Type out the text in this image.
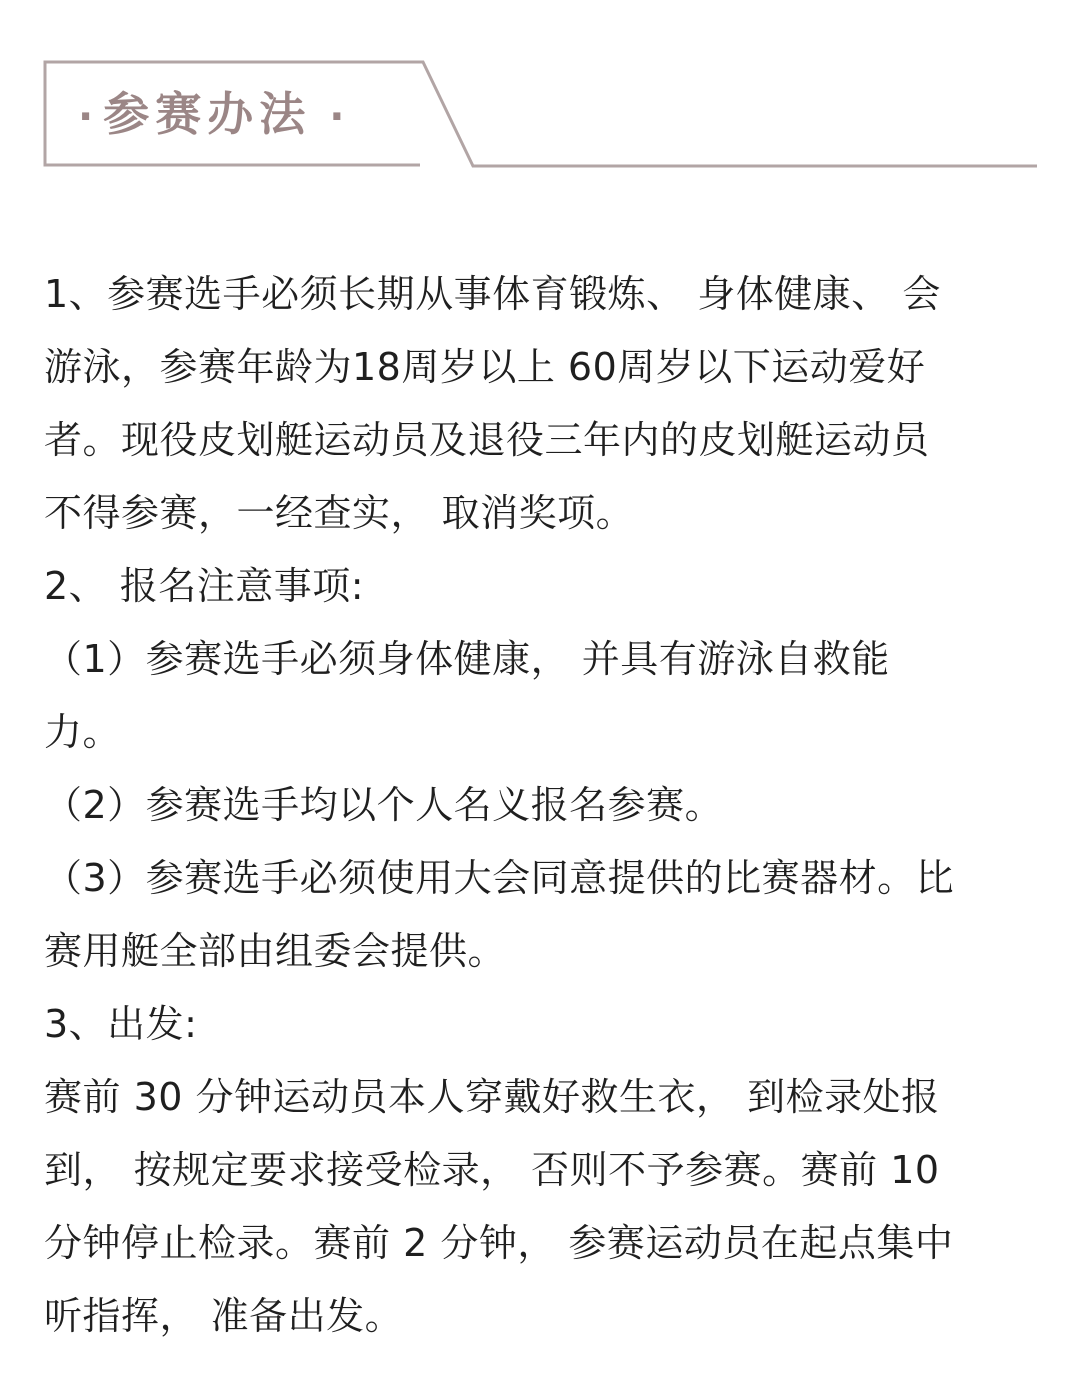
· 参赛办法 ·
1、参赛选手必须长期从事体育锻炼、 身体健康、 会
游泳，参赛年龄为18周岁以上 60周岁以下运动爱好
者。现役皮划艇运动员及退役三年内的皮划艇运动员
不得参赛，一经查实， 取消奖项。
2、 报名注意事项:
（1）参赛选手必须身体健康， 并具有游泳自救能
力。
（2）参赛选手均以个人名义报名参赛。
（3）参赛选手必须使用大会同意提供的比赛器材。比
赛用艇全部由组委会提供。
3、出发:
赛前 30 分钟运动员本人穿戴好救生衣， 到检录处报
到， 按规定要求接受检录， 否则不予参赛。赛前 10
分钟停止检录。赛前 2 分钟， 参赛运动员在起点集中
听指挥， 准备出发。
